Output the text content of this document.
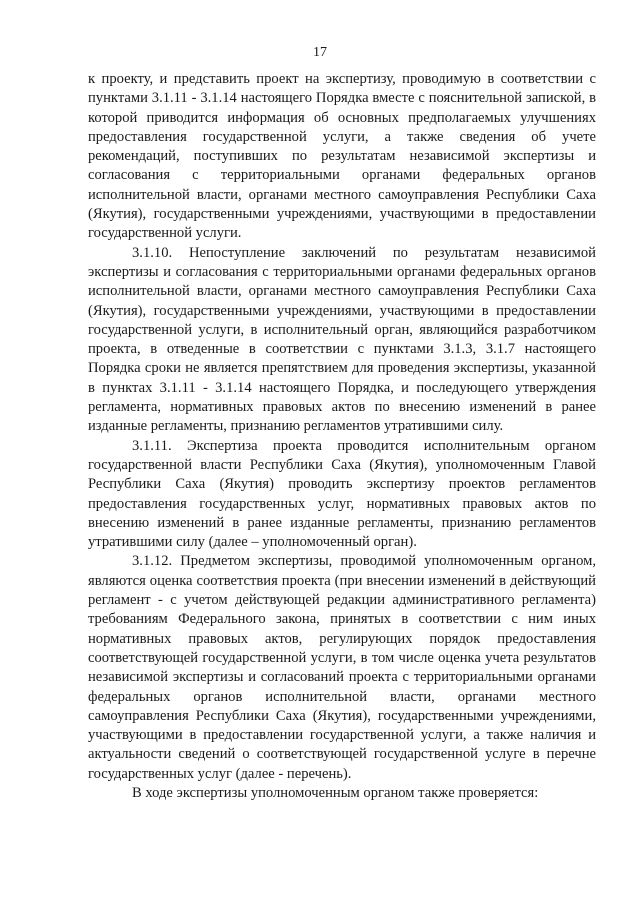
17

к проекту, и представить проект на экспертизу, проводимую в соответствии с пунктами 3.1.11 - 3.1.14 настоящего Порядка вместе с пояснительной запиской, в которой приводится информация об основных предполагаемых улучшениях предоставления государственной услуги, а также сведения об учете рекомендаций, поступивших по результатам независимой экспертизы и согласования с территориальными органами федеральных органов исполнительной власти, органами местного самоуправления Республики Саха (Якутия), государственными учреждениями, участвующими в предоставлении государственной услуги.

3.1.10. Непоступление заключений по результатам независимой экспертизы и согласования с территориальными органами федеральных органов исполнительной власти, органами местного самоуправления Республики Саха (Якутия), государственными учреждениями, участвующими в предоставлении государственной услуги, в исполнительный орган, являющийся разработчиком проекта, в отведенные в соответствии с пунктами 3.1.3, 3.1.7 настоящего Порядка сроки не является препятствием для проведения экспертизы, указанной в пунктах 3.1.11 - 3.1.14 настоящего Порядка, и последующего утверждения регламента, нормативных правовых актов по внесению изменений в ранее изданные регламенты, признанию регламентов утратившими силу.

3.1.11. Экспертиза проекта проводится исполнительным органом государственной власти Республики Саха (Якутия), уполномоченным Главой Республики Саха (Якутия) проводить экспертизу проектов регламентов предоставления государственных услуг, нормативных правовых актов по внесению изменений в ранее изданные регламенты, признанию регламентов утратившими силу (далее – уполномоченный орган).

3.1.12. Предметом экспертизы, проводимой уполномоченным органом, являются оценка соответствия проекта (при внесении изменений в действующий регламент - с учетом действующей редакции административного регламента) требованиям Федерального закона, принятых в соответствии с ним иных нормативных правовых актов, регулирующих порядок предоставления соответствующей государственной услуги, в том числе оценка учета результатов независимой экспертизы и согласований проекта с территориальными органами федеральных органов исполнительной власти, органами местного самоуправления Республики Саха (Якутия), государственными учреждениями, участвующими в предоставлении государственной услуги, а также наличия и актуальности сведений о соответствующей государственной услуге в перечне государственных услуг (далее - перечень).

В ходе экспертизы уполномоченным органом также проверяется:
